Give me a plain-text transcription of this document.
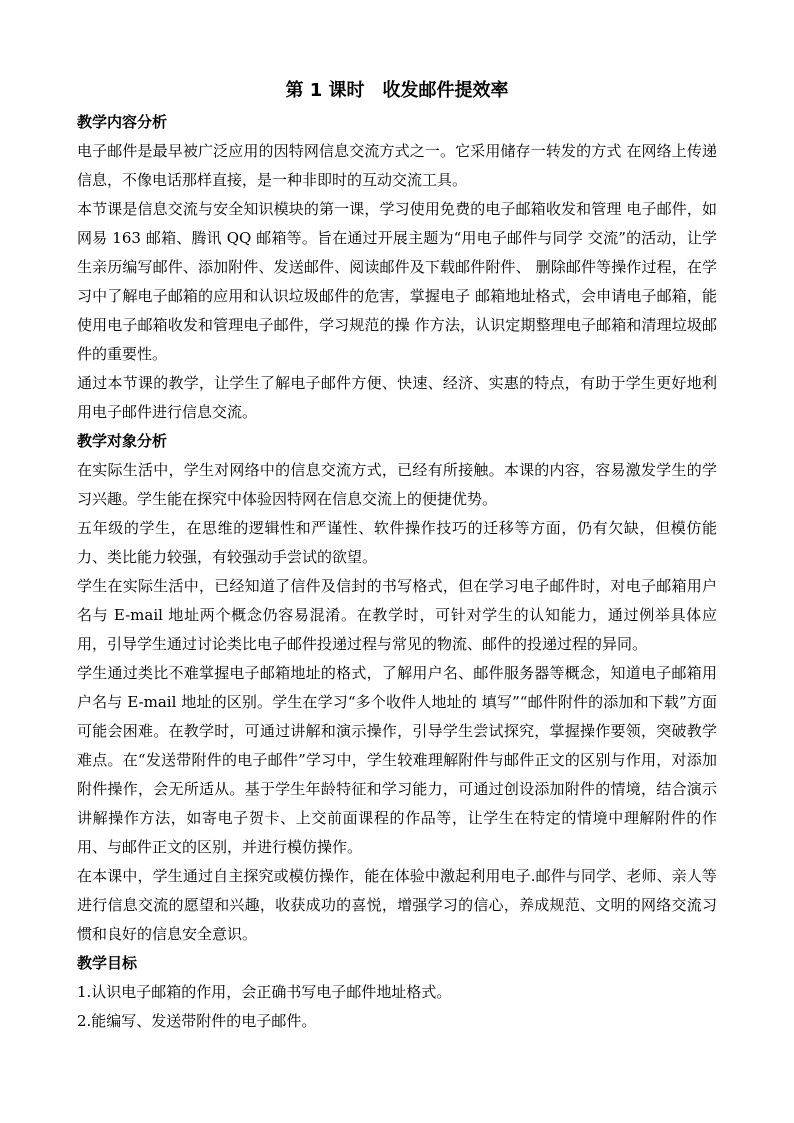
第 1 课时　收发邮件提效率
教学内容分析

电子邮件是最早被广泛应用的因特网信息交流方式之一。它采用储存一转发的方式 在网络上传递信息，不像电话那样直接，是一种非即时的互动交流工具。

本节课是信息交流与安全知识模块的第一课，学习使用免费的电子邮箱收发和管理 电子邮件，如网易 163 邮箱、腾讯 QQ 邮箱等。旨在通过开展主题为“用电子邮件与同学 交流”的活动，让学生亲历编写邮件、添加附件、发送邮件、阅读邮件及下载邮件附件、 删除邮件等操作过程，在学习中了解电子邮箱的应用和认识垃圾邮件的危害，掌握电子 邮箱地址格式，会申请电子邮箱，能使用电子邮箱收发和管理电子邮件，学习规范的操 作方法，认识定期整理电子邮箱和清理垃圾邮件的重要性。

通过本节课的教学，让学生了解电子邮件方便、快速、经济、实惠的特点，有助于学生更好地利用电子邮件进行信息交流。

教学对象分析

在实际生活中，学生对网络中的信息交流方式，已经有所接触。本课的内容，容易激发学生的学习兴趣。学生能在探究中体验因特网在信息交流上的便捷优势。

五年级的学生，在思维的逻辑性和严谨性、软件操作技巧的迁移等方面，仍有欠缺，但模仿能力、类比能力较强，有较强动手尝试的欲望。

学生在实际生活中，已经知道了信件及信封的书写格式，但在学习电子邮件时，对电子邮箱用户名与 E-mail 地址两个概念仍容易混淆。在教学时，可针对学生的认知能力，通过例举具体应用，引导学生通过讨论类比电子邮件投递过程与常见的物流、邮件的投递过程的异同。

学生通过类比不难掌握电子邮箱地址的格式，了解用户名、邮件服务器等概念，知道电子邮箱用户名与 E-mail 地址的区别。学生在学习“多个收件人地址的 填写”“邮件附件的添加和下载”方面可能会困难。在教学时，可通过讲解和演示操作，引导学生尝试探究，掌握操作要领，突破教学难点。在“发送带附件的电子邮件”学习中，学生较难理解附件与邮件正文的区别与作用，对添加附件操作，会无所适从。基于学生年龄特征和学习能力，可通过创设添加附件的情境，结合演示讲解操作方法，如寄电子贺卡、上交前面课程的作品等，让学生在特定的情境中理解附件的作用、与邮件正文的区别，并进行模仿操作。

在本课中，学生通过自主探究或模仿操作，能在体验中激起利用电子.邮件与同学、老师、亲人等进行信息交流的愿望和兴趣，收获成功的喜悦，增强学习的信心，养成规范、文明的网络交流习惯和良好的信息安全意识。

教学目标

1.认识电子邮箱的作用，会正确书写电子邮件地址格式。

2.能编写、发送带附件的电子邮件。
